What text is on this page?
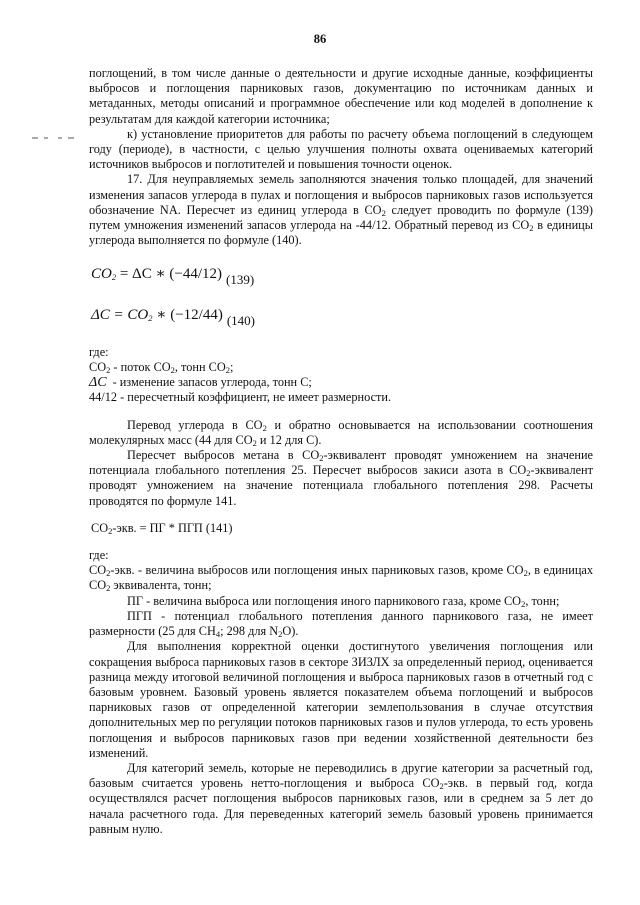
86

поглощений, в том числе данные о деятельности и другие исходные данные, коэффициенты выбросов и поглощения парниковых газов, документацию по источникам данных и метаданных, методы описаний и программное обеспечение или код моделей в дополнение к результатам для каждой категории источника;

к) установление приоритетов для работы по расчету объема поглощений в следующем году (периоде), в частности, с целью улучшения полноты охвата оцениваемых категорий источников выбросов и поглотителей и повышения точности оценок.

17. Для неуправляемых земель заполняются значения только площадей, для значений изменения запасов углерода в пулах и поглощения и выбросов парниковых газов используется обозначение NA. Пересчет из единиц углерода в $CO_2$ следует проводить по формуле (139) путем умножения изменений запасов углерода на -44/12. Обратный перевод из $CO_2$ в единицы углерода выполняется по формуле (140).

$CO_2 = \Delta C$ ∗ (−44/12) (139)
$\Delta C = CO_2$ ∗ (−12/44) (140)

где:

$CO_2$ - поток $CO_2$, тонн $CO_2$;

ΔC - изменение запасов углерода, тонн C;

44/12 - пересчетный коэффициент, не имеет размерности.

Перевод углерода в $CO_2$ и обратно основывается на использовании соотношения молекулярных масс (44 для $CO_2$ и 12 для C).

Пересчет выбросов метана в $CO_2$-эквивалент проводят умножением на значение потенциала глобального потепления 25. Пересчет выбросов закиси азота в $CO_2$-эквивалент проводят умножением на значение потенциала глобального потепления 298. Расчеты проводятся по формуле 141.

$CO_2$-экв. = ПГ * ПГП (141)

где:

$CO_2$-экв. - величина выбросов или поглощения иных парниковых газов, кроме $CO_2$, в единицах $CO_2$ эквивалента, тонн;

ПГ - величина выброса или поглощения иного парникового газа, кроме $CO_2$, тонн;

ПГП - потенциал глобального потепления данного парникового газа, не имеет размерности (25 для $CH_4$; 298 для $N_2O$).

Для выполнения корректной оценки достигнутого увеличения поглощения или сокращения выброса парниковых газов в секторе ЗИЗЛХ за определенный период, оценивается разница между итоговой величиной поглощения и выброса парниковых газов в отчетный год с базовым уровнем. Базовый уровень является показателем объема поглощений и выбросов парниковых газов от определенной категории землепользования в случае отсутствия дополнительных мер по регуляции потоков парниковых газов и пулов углерода, то есть уровень поглощения и выбросов парниковых газов при ведении хозяйственной деятельности без изменений.

Для категорий земель, которые не переводились в другие категории за расчетный год, базовым считается уровень нетто-поглощения и выброса $CO_2$-экв. в первый год, когда осуществлялся расчет поглощения выбросов парниковых газов, или в среднем за 5 лет до начала расчетного года. Для переведенных категорий земель базовый уровень принимается равным нулю.
